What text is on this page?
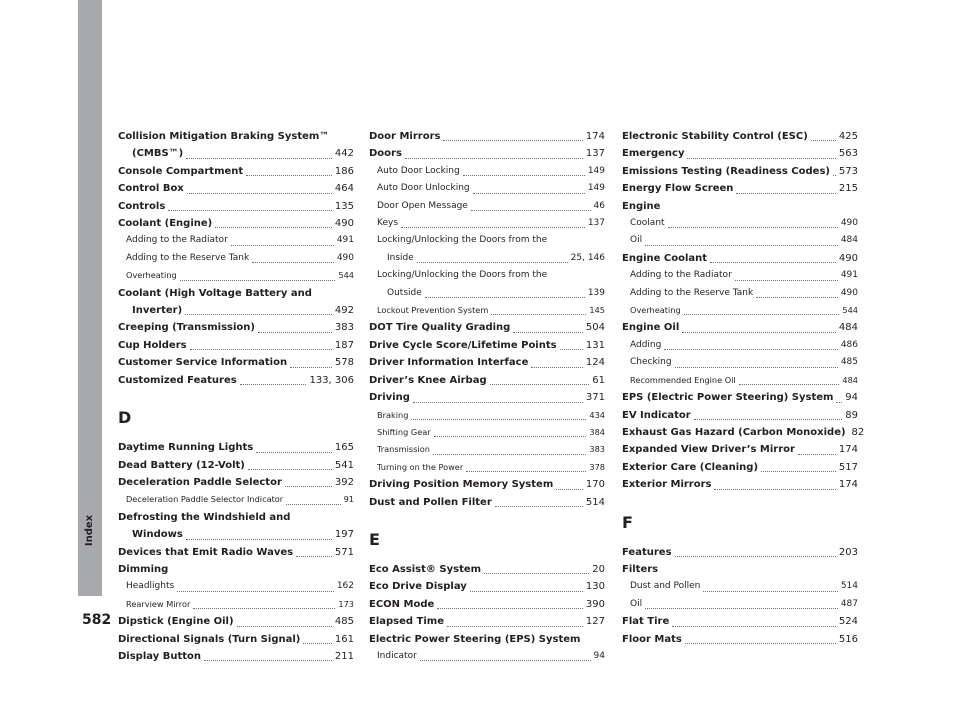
Index
582
Collision Mitigation Braking System™
(CMBS™)	442
Console Compartment	186
Control Box	464
Controls	135
Coolant (Engine)	490
Adding to the Radiator	491
Adding to the Reserve Tank	490
Overheating	544
Coolant (High Voltage Battery and
Inverter)	492
Creeping (Transmission)	383
Cup Holders	187
Customer Service Information	578
Customized Features	133, 306
D
Daytime Running Lights	165
Dead Battery (12-Volt)	541
Deceleration Paddle Selector	392
Deceleration Paddle Selector Indicator	91
Defrosting the Windshield and
Windows	197
Devices that Emit Radio Waves	571
Dimming
Headlights	162
Rearview Mirror	173
Dipstick (Engine Oil)	485
Directional Signals (Turn Signal)	161
Display Button	211
Door Mirrors	174
Doors	137
Auto Door Locking	149
Auto Door Unlocking	149
Door Open Message	46
Keys	137
Locking/Unlocking the Doors from the
Inside	25, 146
Locking/Unlocking the Doors from the
Outside	139
Lockout Prevention System	145
DOT Tire Quality Grading	504
Drive Cycle Score/Lifetime Points	131
Driver Information Interface	124
Driver’s Knee Airbag	61
Driving	371
Braking	434
Shifting Gear	384
Transmission	383
Turning on the Power	378
Driving Position Memory System	170
Dust and Pollen Filter	514
E
Eco Assist® System	20
Eco Drive Display	130
ECON Mode	390
Elapsed Time	127
Electric Power Steering (EPS) System
Indicator	94
Electronic Stability Control (ESC)	425
Emergency	563
Emissions Testing (Readiness Codes) 573
Energy Flow Screen	215
Engine
Coolant	490
Oil	484
Engine Coolant	490
Adding to the Radiator	491
Adding to the Reserve Tank	490
Overheating	544
Engine Oil	484
Adding	486
Checking	485
Recommended Engine Oil	484
EPS (Electric Power Steering) System 94
EV Indicator	89
Exhaust Gas Hazard (Carbon Monoxide) 82
Expanded View Driver’s Mirror	174
Exterior Care (Cleaning)	517
Exterior Mirrors	174
F
Features	203
Filters
Dust and Pollen	514
Oil	487
Flat Tire	524
Floor Mats	516
